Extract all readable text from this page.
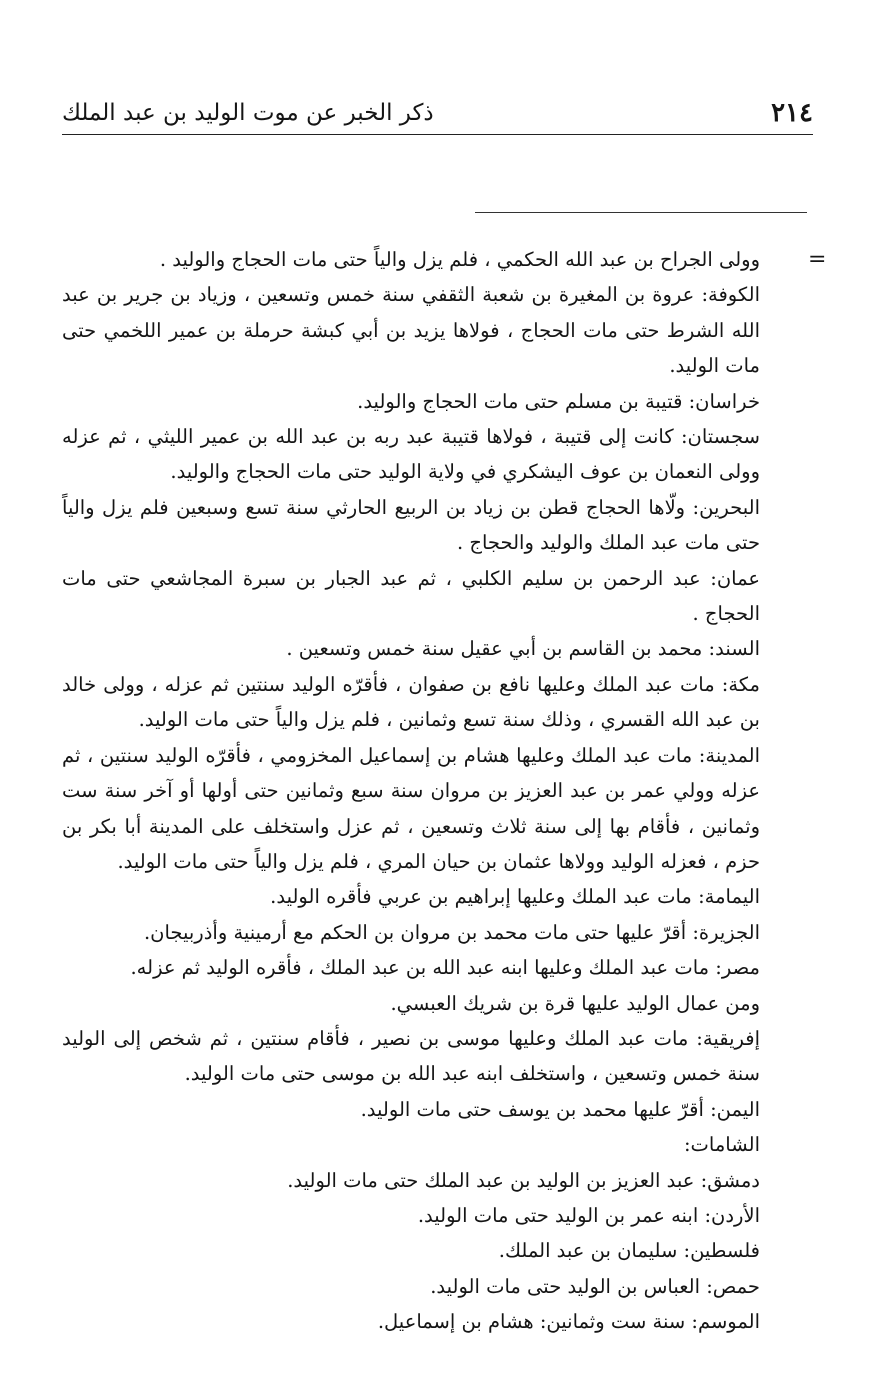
٢١٤
ذكر الخبر عن موت الوليد بن عبد الملك
=

وولى الجراح بن عبد الله الحكمي ، فلم يزل والياً حتى مات الحجاج والوليد .

الكوفة: عروة بن المغيرة بن شعبة الثقفي سنة خمس وتسعين ، وزياد بن جرير بن عبد الله الشرط حتى مات الحجاج ، فولاها يزيد بن أبي كبشة حرملة بن عمير اللخمي حتى مات الوليد.

خراسان: قتيبة بن مسلم حتى مات الحجاج والوليد.

سجستان: كانت إلى قتيبة ، فولاها قتيبة عبد ربه بن عبد الله بن عمير الليثي ، ثم عزله وولى النعمان بن عوف اليشكري في ولاية الوليد حتى مات الحجاج والوليد.

البحرين: ولّاها الحجاج قطن بن زياد بن الربيع الحارثي سنة تسع وسبعين فلم يزل والياً حتى مات عبد الملك والوليد والحجاج .

عمان: عبد الرحمن بن سليم الكلبي ، ثم عبد الجبار بن سبرة المجاشعي حتى مات الحجاج .

السند: محمد بن القاسم بن أبي عقيل سنة خمس وتسعين .

مكة: مات عبد الملك وعليها نافع بن صفوان ، فأقرّه الوليد سنتين ثم عزله ، وولى خالد بن عبد الله القسري ، وذلك سنة تسع وثمانين ، فلم يزل والياً حتى مات الوليد.

المدينة: مات عبد الملك وعليها هشام بن إسماعيل المخزومي ، فأقرّه الوليد سنتين ، ثم عزله وولي عمر بن عبد العزيز بن مروان سنة سبع وثمانين حتى أولها أو آخر سنة ست وثمانين ، فأقام بها إلى سنة ثلاث وتسعين ، ثم عزل واستخلف على المدينة أبا بكر بن حزم ، فعزله الوليد وولاها عثمان بن حيان المري ، فلم يزل والياً حتى مات الوليد.

اليمامة: مات عبد الملك وعليها إبراهيم بن عربي فأقره الوليد.

الجزيرة: أقرّ عليها حتى مات محمد بن مروان بن الحكم مع أرمينية وأذربيجان.

مصر: مات عبد الملك وعليها ابنه عبد الله بن عبد الملك ، فأقره الوليد ثم عزله.

ومن عمال الوليد عليها قرة بن شريك العبسي.

إفريقية: مات عبد الملك وعليها موسى بن نصير ، فأقام سنتين ، ثم شخص إلى الوليد سنة خمس وتسعين ، واستخلف ابنه عبد الله بن موسى حتى مات الوليد.

اليمن: أقرّ عليها محمد بن يوسف حتى مات الوليد.

الشامات:

دمشق: عبد العزيز بن الوليد بن عبد الملك حتى مات الوليد.

الأردن: ابنه عمر بن الوليد حتى مات الوليد.

فلسطين: سليمان بن عبد الملك.

حمص: العباس بن الوليد حتى مات الوليد.

الموسم: سنة ست وثمانين: هشام بن إسماعيل.
